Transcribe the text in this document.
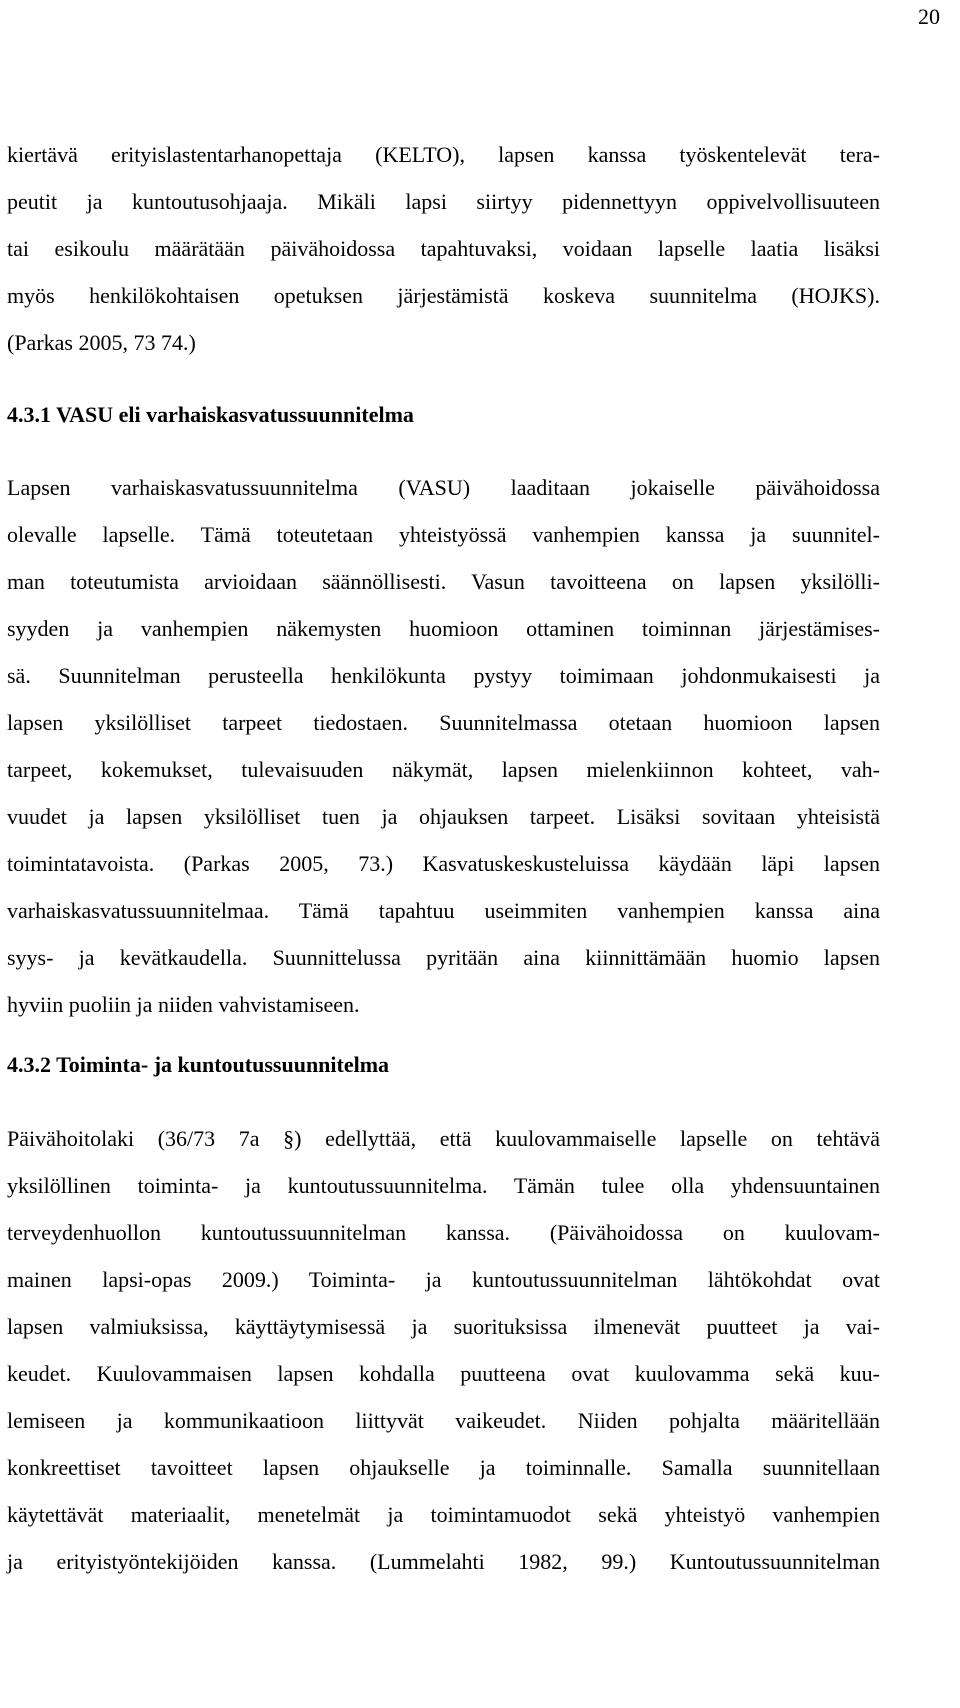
20
kiertävä erityislastentarhanopettaja (KELTO), lapsen kanssa työskentelevät tera-
peutit ja kuntoutusohjaaja. Mikäli lapsi siirtyy pidennettyyn oppivelvollisuuteen
tai esikoulu määrätään päivähoidossa tapahtuvaksi, voidaan lapselle laatia lisäksi
myös henkilökohtaisen opetuksen järjestämistä koskeva suunnitelma (HOJKS).
(Parkas 2005, 73 74.)
4.3.1 VASU eli varhaiskasvatussuunnitelma
Lapsen varhaiskasvatussuunnitelma (VASU) laaditaan jokaiselle päivähoidossa
olevalle lapselle. Tämä toteutetaan yhteistyössä vanhempien kanssa ja suunnitel-
man toteutumista arvioidaan säännöllisesti. Vasun tavoitteena on lapsen yksilölli-
syyden ja vanhempien näkemysten huomioon ottaminen toiminnan järjestämises-
sä. Suunnitelman perusteella henkilökunta pystyy toimimaan johdonmukaisesti ja
lapsen yksilölliset tarpeet tiedostaen. Suunnitelmassa otetaan huomioon lapsen
tarpeet, kokemukset, tulevaisuuden näkymät, lapsen mielenkiinnon kohteet, vah-
vuudet ja lapsen yksilölliset tuen ja ohjauksen tarpeet. Lisäksi sovitaan yhteisistä
toimintatavoista. (Parkas 2005, 73.) Kasvatuskeskusteluissa käydään läpi lapsen
varhaiskasvatussuunnitelmaa. Tämä tapahtuu useimmiten vanhempien kanssa aina
syys- ja kevätkaudella. Suunnittelussa pyritään aina kiinnittämään huomio lapsen
hyviin puoliin ja niiden vahvistamiseen.
4.3.2 Toiminta- ja kuntoutussuunnitelma
Päivähoitolaki (36/73 7a §) edellyttää, että kuulovammaiselle lapselle on tehtävä
yksilöllinen toiminta- ja kuntoutussuunnitelma. Tämän tulee olla yhdensuuntainen
terveydenhuollon kuntoutussuunnitelman kanssa. (Päivähoidossa on kuulovam-
mainen lapsi-opas 2009.) Toiminta- ja kuntoutussuunnitelman lähtökohdat ovat
lapsen valmiuksissa, käyttäytymisessä ja suorituksissa ilmenevät puutteet ja vai-
keudet. Kuulovammaisen lapsen kohdalla puutteena ovat kuulovamma sekä kuu-
lemiseen ja kommunikaatioon liittyvät vaikeudet. Niiden pohjalta määritellään
konkreettiset tavoitteet lapsen ohjaukselle ja toiminnalle. Samalla suunnitellaan
käytettävät materiaalit, menetelmät ja toimintamuodot sekä yhteistyö vanhempien
ja erityistyöntekijöiden kanssa. (Lummelahti 1982, 99.) Kuntoutussuunnitelman
